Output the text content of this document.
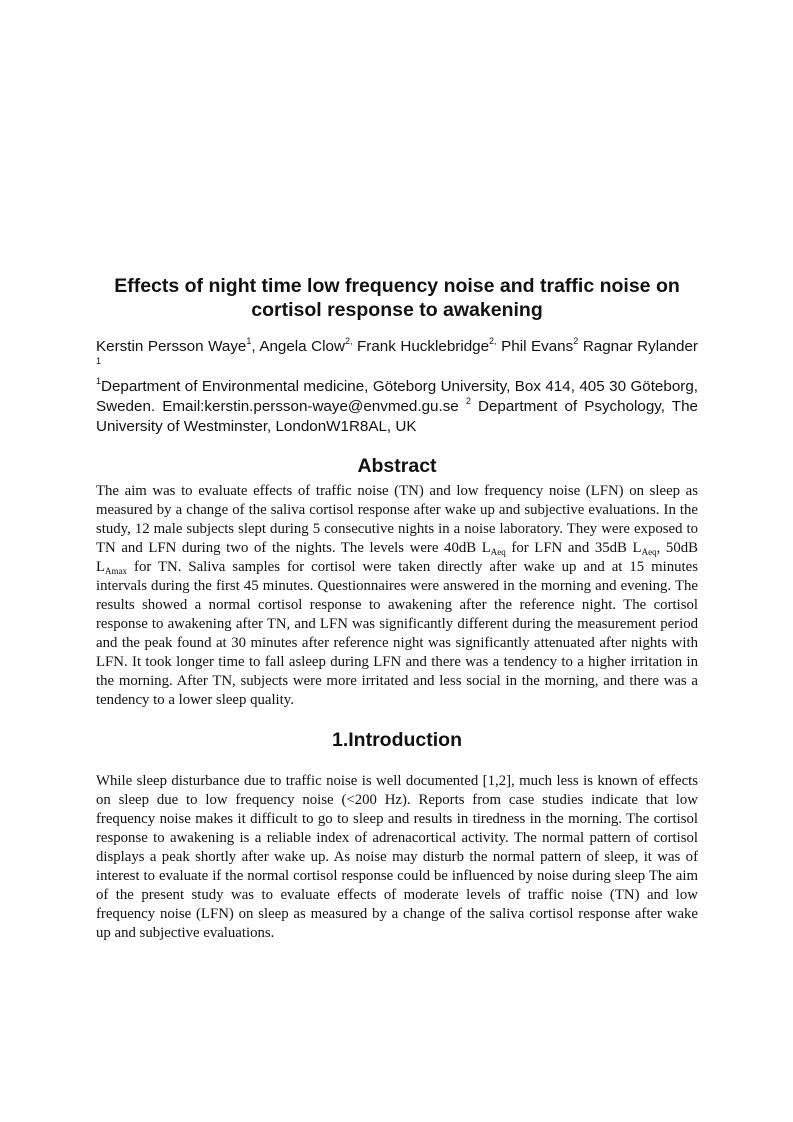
Effects of night time low frequency noise and traffic noise on cortisol response to awakening

Kerstin Persson Waye$^1$, Angela Clow$^{2,}$ Frank Hucklebridge$^{2,}$ Phil Evans$^2$ Ragnar Rylander $^1$

$^1$Department of Environmental medicine, Göteborg University, Box 414, 405 30 Göteborg, Sweden. Email:kerstin.persson-waye@envmed.gu.se $^2$ Department of Psychology, The University of Westminster, LondonW1R8AL, UK

Abstract

The aim was to evaluate effects of traffic noise (TN) and low frequency noise (LFN) on sleep as measured by a change of the saliva cortisol response after wake up and subjective evaluations. In the study, 12 male subjects slept during 5 consecutive nights in a noise laboratory. They were exposed to TN and LFN during two of the nights. The levels were 40dB $L_{Aeq}$ for LFN and 35dB $L_{Aeq}$, 50dB $L_{Amax}$ for TN. Saliva samples for cortisol were taken directly after wake up and at 15 minutes intervals during the first 45 minutes. Questionnaires were answered in the morning and evening. The results showed a normal cortisol response to awakening after the reference night. The cortisol response to awakening after TN, and LFN was significantly different during the measurement period and the peak found at 30 minutes after reference night was significantly attenuated after nights with LFN. It took longer time to fall asleep during LFN and there was a tendency to a higher irritation in the morning. After TN, subjects were more irritated and less social in the morning, and there was a tendency to a lower sleep quality.

1.Introduction

While sleep disturbance due to traffic noise is well documented [1,2], much less is known of effects on sleep due to low frequency noise (<200 Hz). Reports from case studies indicate that low frequency noise makes it difficult to go to sleep and results in tiredness in the morning. The cortisol response to awakening is a reliable index of adrenacortical activity. The normal pattern of cortisol displays a peak shortly after wake up. As noise may disturb the normal pattern of sleep, it was of interest to evaluate if the normal cortisol response could be influenced by noise during sleep The aim of the present study was to evaluate effects of moderate levels of traffic noise (TN) and low frequency noise (LFN) on sleep as measured by a change of the saliva cortisol response after wake up and subjective evaluations.
